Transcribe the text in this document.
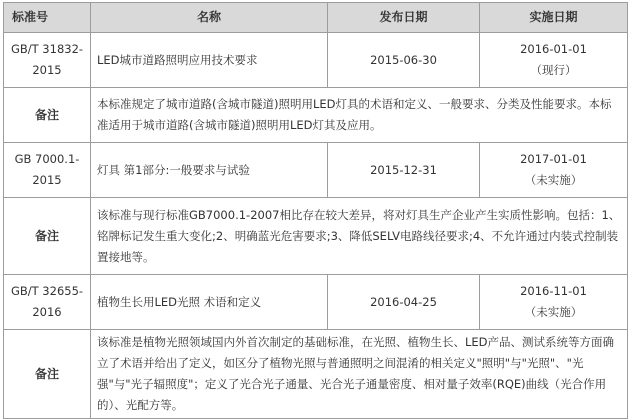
标准号	名称	发布日期	实施日期
GB/T 31832-2015	LED城市道路照明应用技术要求	2015-06-30	2016-01-01
（现行）

备注	本标准规定了城市道路(含城市隧道)照明用LED灯具的术语和定义、一般要求、分类及性能要求。本标准适用于城市道路(含城市隧道)照明用LED灯其及应用。		
GB 7000.1-2015	灯具 第1部分:一般要求与试验	2015-12-31	2017-01-01
（未实施）

备注	该标准与现行标准GB7000.1-2007相比存在较大差异，将对灯具生产企业产生实质性影响。包括：1、铭牌标记发生重大变化;2、明确蓝光危害要求;3、降低SELV电路线径要求;4、不允许通过内装式控制装置接地等。		
GB/T 32655-2016	植物生长用LED光照 术语和定义	2016-04-25	2016-11-01
（未实施）

备注	该标准是植物光照领域国内外首次制定的基础标准，在光照、植物生长、LED产品、测试系统等方面确立了术语并给出了定义，如区分了植物光照与普通照明之间混淆的相关定义"照明"与"光照"、"光强"与"光子辐照度"；定义了光合光子通量、光合光子通量密度、相对量子效率(RQE)曲线（光合作用的）、光配方等。		
